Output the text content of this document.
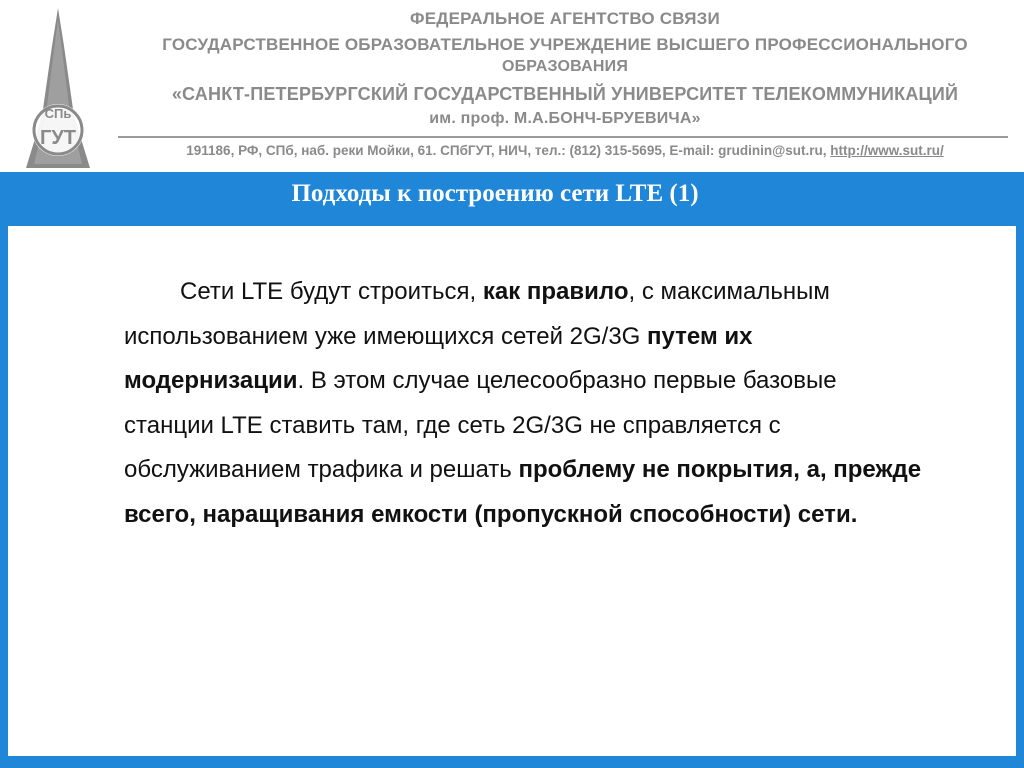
СПь
ГУТ
ФЕДЕРАЛЬНОЕ АГЕНТСТВО СВЯЗИ
ГОСУДАРСТВЕННОЕ ОБРАЗОВАТЕЛЬНОЕ УЧРЕЖДЕНИЕ ВЫСШЕГО ПРОФЕССИОНАЛЬНОГО
ОБРАЗОВАНИЯ
«САНКТ-ПЕТЕРБУРГСКИЙ ГОСУДАРСТВЕННЫЙ УНИВЕРСИТЕТ ТЕЛЕКОММУНИКАЦИЙ
им. проф. М.А.БОНЧ-БРУЕВИЧА»
191186, РФ, СПб, наб. реки Мойки, 61. СПбГУТ, НИЧ, тел.: (812) 315-5695, E-mail: grudinin@sut.ru, http://www.sut.ru/
Подходы к построению сети LTE (1)
Сети LTE будут строиться, как правило, с максимальным использованием уже имеющихся сетей 2G/3G путем их модернизации. В этом случае целесообразно первые базовые станции LTE ставить там, где сеть 2G/3G не справляется с обслуживанием трафика и решать проблему не покрытия, а, прежде всего, наращивания емкости (пропускной способности) сети.
